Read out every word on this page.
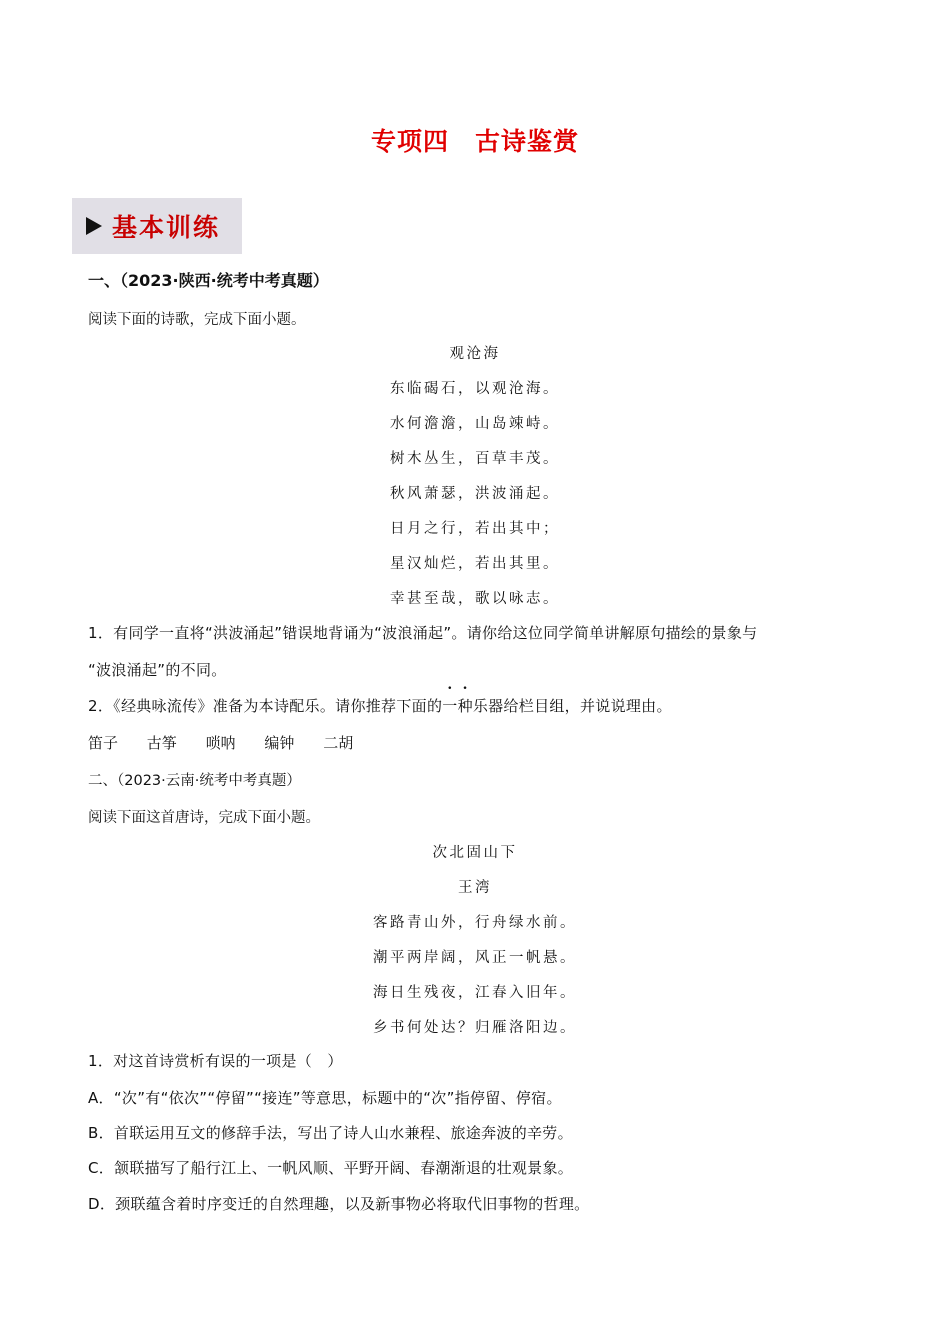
专项四　古诗鉴赏
基本训练
一、（2023·陕西·统考中考真题）
阅读下面的诗歌，完成下面小题。
观沧海
东临碣石，以观沧海。
水何澹澹，山岛竦峙。
树木丛生，百草丰茂。
秋风萧瑟，洪波涌起。
日月之行，若出其中；
星汉灿烂，若出其里。
幸甚至哉，歌以咏志。
1．有同学一直将“洪波涌起”错误地背诵为“波浪涌起”。请你给这位同学简单讲解原句描绘的景象与
“波浪涌起”的不同。
2．《经典咏流传》准备为本诗配乐。请你推荐下面的一种乐器给栏目组，并说说理由。
笛子 古筝 唢呐 编钟 二胡
二、（2023·云南·统考中考真题）
阅读下面这首唐诗，完成下面小题。
次北固山下
王湾
客路青山外，行舟绿水前。
潮平两岸阔，风正一帆悬。
海日生残夜，江春入旧年。
乡书何处达？归雁洛阳边。
1．对这首诗赏析有误的一项是（　）
A．“次”有“依次”“停留”“接连”等意思，标题中的“次”指停留、停宿。
B．首联运用互文的修辞手法，写出了诗人山水兼程、旅途奔波的辛劳。
C．颔联描写了船行江上、一帆风顺、平野开阔、春潮渐退的壮观景象。
D．颈联蕴含着时序变迁的自然理趣，以及新事物必将取代旧事物的哲理。
